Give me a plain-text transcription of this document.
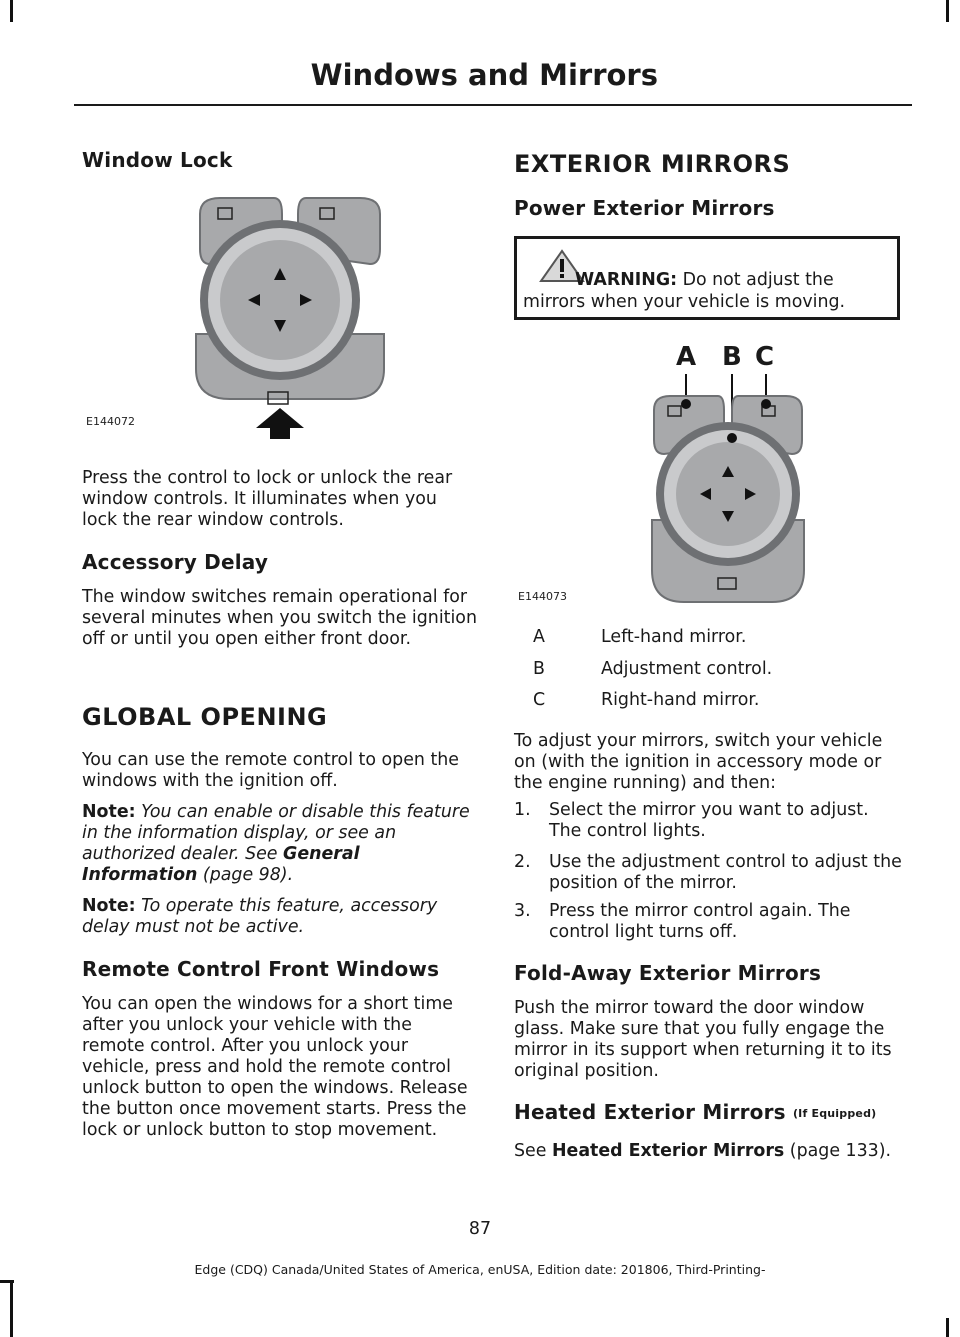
Windows and Mirrors
Window Lock
E144072

Press the control to lock or unlock the rear window controls. It illuminates when you lock the rear window controls.

Accessory Delay

The window switches remain operational for several minutes when you switch the ignition off or until you open either front door.

GLOBAL OPENING

You can use the remote control to open the windows with the ignition off.

Note: You can enable or disable this feature in the information display, or see an authorized dealer. See General Information (page 98).

Note: To operate this feature, accessory delay must not be active.

Remote Control Front Windows

You can open the windows for a short time after you unlock your vehicle with the remote control. After you unlock your vehicle, press and hold the remote control unlock button to open the windows. Release the button once movement starts. Press the lock or unlock button to stop movement.

EXTERIOR MIRRORS
Power Exterior Mirrors
WARNING: Do not adjust the mirrors when your vehicle is moving.
A B C
E144073
A	Left-hand mirror.
B	Adjustment control.
C	Right-hand mirror.

To adjust your mirrors, switch your vehicle on (with the ignition in accessory mode or the engine running) and then:

1. Select the mirror you want to adjust. The control lights.
2. Use the adjustment control to adjust the position of the mirror.
3. Press the mirror control again. The control light turns off.
Fold-Away Exterior Mirrors

Push the mirror toward the door window glass. Make sure that you fully engage the mirror in its support when returning it to its original position.

Heated Exterior Mirrors (If Equipped)

See Heated Exterior Mirrors (page 133).

87
Edge (CDQ) Canada/United States of America, enUSA, Edition date: 201806, Third-Printing-
